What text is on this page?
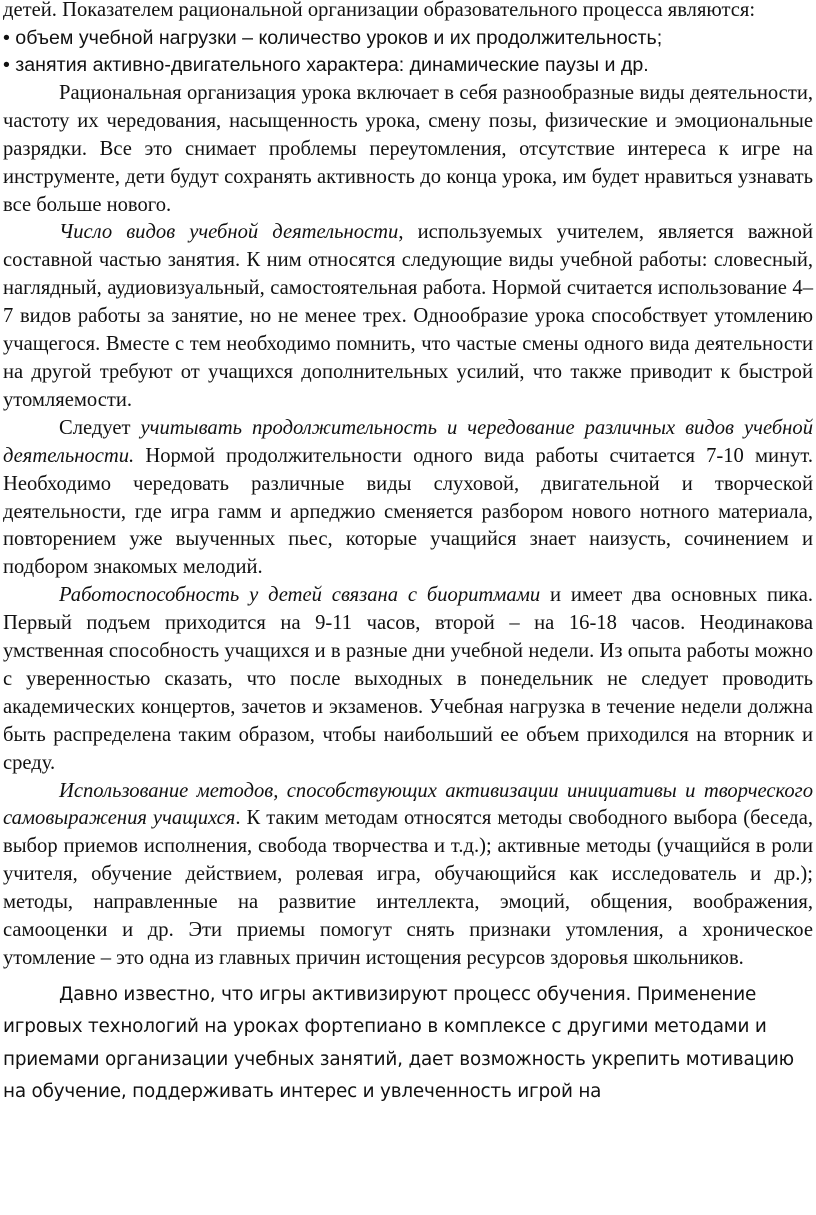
детей. Показателем рациональной организации образовательного процесса являются:

• объем учебной нагрузки – количество уроков и их продолжительность;

• занятия активно-двигательного характера: динамические паузы и др.

Рациональная организация урока включает в себя разнообразные виды деятельности, частоту их чередования, насыщенность урока, смену позы, физические и эмоциональные разрядки. Все это снимает проблемы переутомления, отсутствие интереса к игре на инструменте, дети будут сохранять активность до конца урока, им будет нравиться узнавать все больше нового.

Число видов учебной деятельности, используемых учителем, является важной составной частью занятия. К ним относятся следующие виды учебной работы: словесный, наглядный, аудиовизуальный, самостоятельная работа. Нормой считается использование 4–7 видов работы за занятие, но не менее трех. Однообразие урока способствует утомлению учащегося. Вместе с тем необходимо помнить, что частые смены одного вида деятельности на другой требуют от учащихся дополнительных усилий, что также приводит к быстрой утомляемости.

Следует учитывать продолжительность и чередование различных видов учебной деятельности. Нормой продолжительности одного вида работы считается 7-10 минут. Необходимо чередовать различные виды слуховой, двигательной и творческой деятельности, где игра гамм и арпеджио сменяется разбором нового нотного материала, повторением уже выученных пьес, которые учащийся знает наизусть, сочинением и подбором знакомых мелодий.

Работоспособность у детей связана с биоритмами и имеет два основных пика. Первый подъем приходится на 9-11 часов, второй – на 16-18 часов. Неодинакова умственная способность учащихся и в разные дни учебной недели. Из опыта работы можно с уверенностью сказать, что после выходных в понедельник не следует проводить академических концертов, зачетов и экзаменов. Учебная нагрузка в течение недели должна быть распределена таким образом, чтобы наибольший ее объем приходился на вторник и среду.

Использование методов, способствующих активизации инициативы и творческого самовыражения учащихся. К таким методам относятся методы свободного выбора (беседа, выбор приемов исполнения, свобода творчества и т.д.); активные методы (учащийся в роли учителя, обучение действием, ролевая игра, обучающийся как исследователь и др.); методы, направленные на развитие интеллекта, эмоций, общения, воображения, самооценки и др. Эти приемы помогут снять признаки утомления, а хроническое утомление – это одна из главных причин истощения ресурсов здоровья школьников.

Давно известно, что игры активизируют процесс обучения. Применение игровых технологий на уроках фортепиано в комплексе с другими методами и приемами организации учебных занятий, дает возможность укрепить мотивацию на обучение, поддерживать интерес и увлеченность игрой на
